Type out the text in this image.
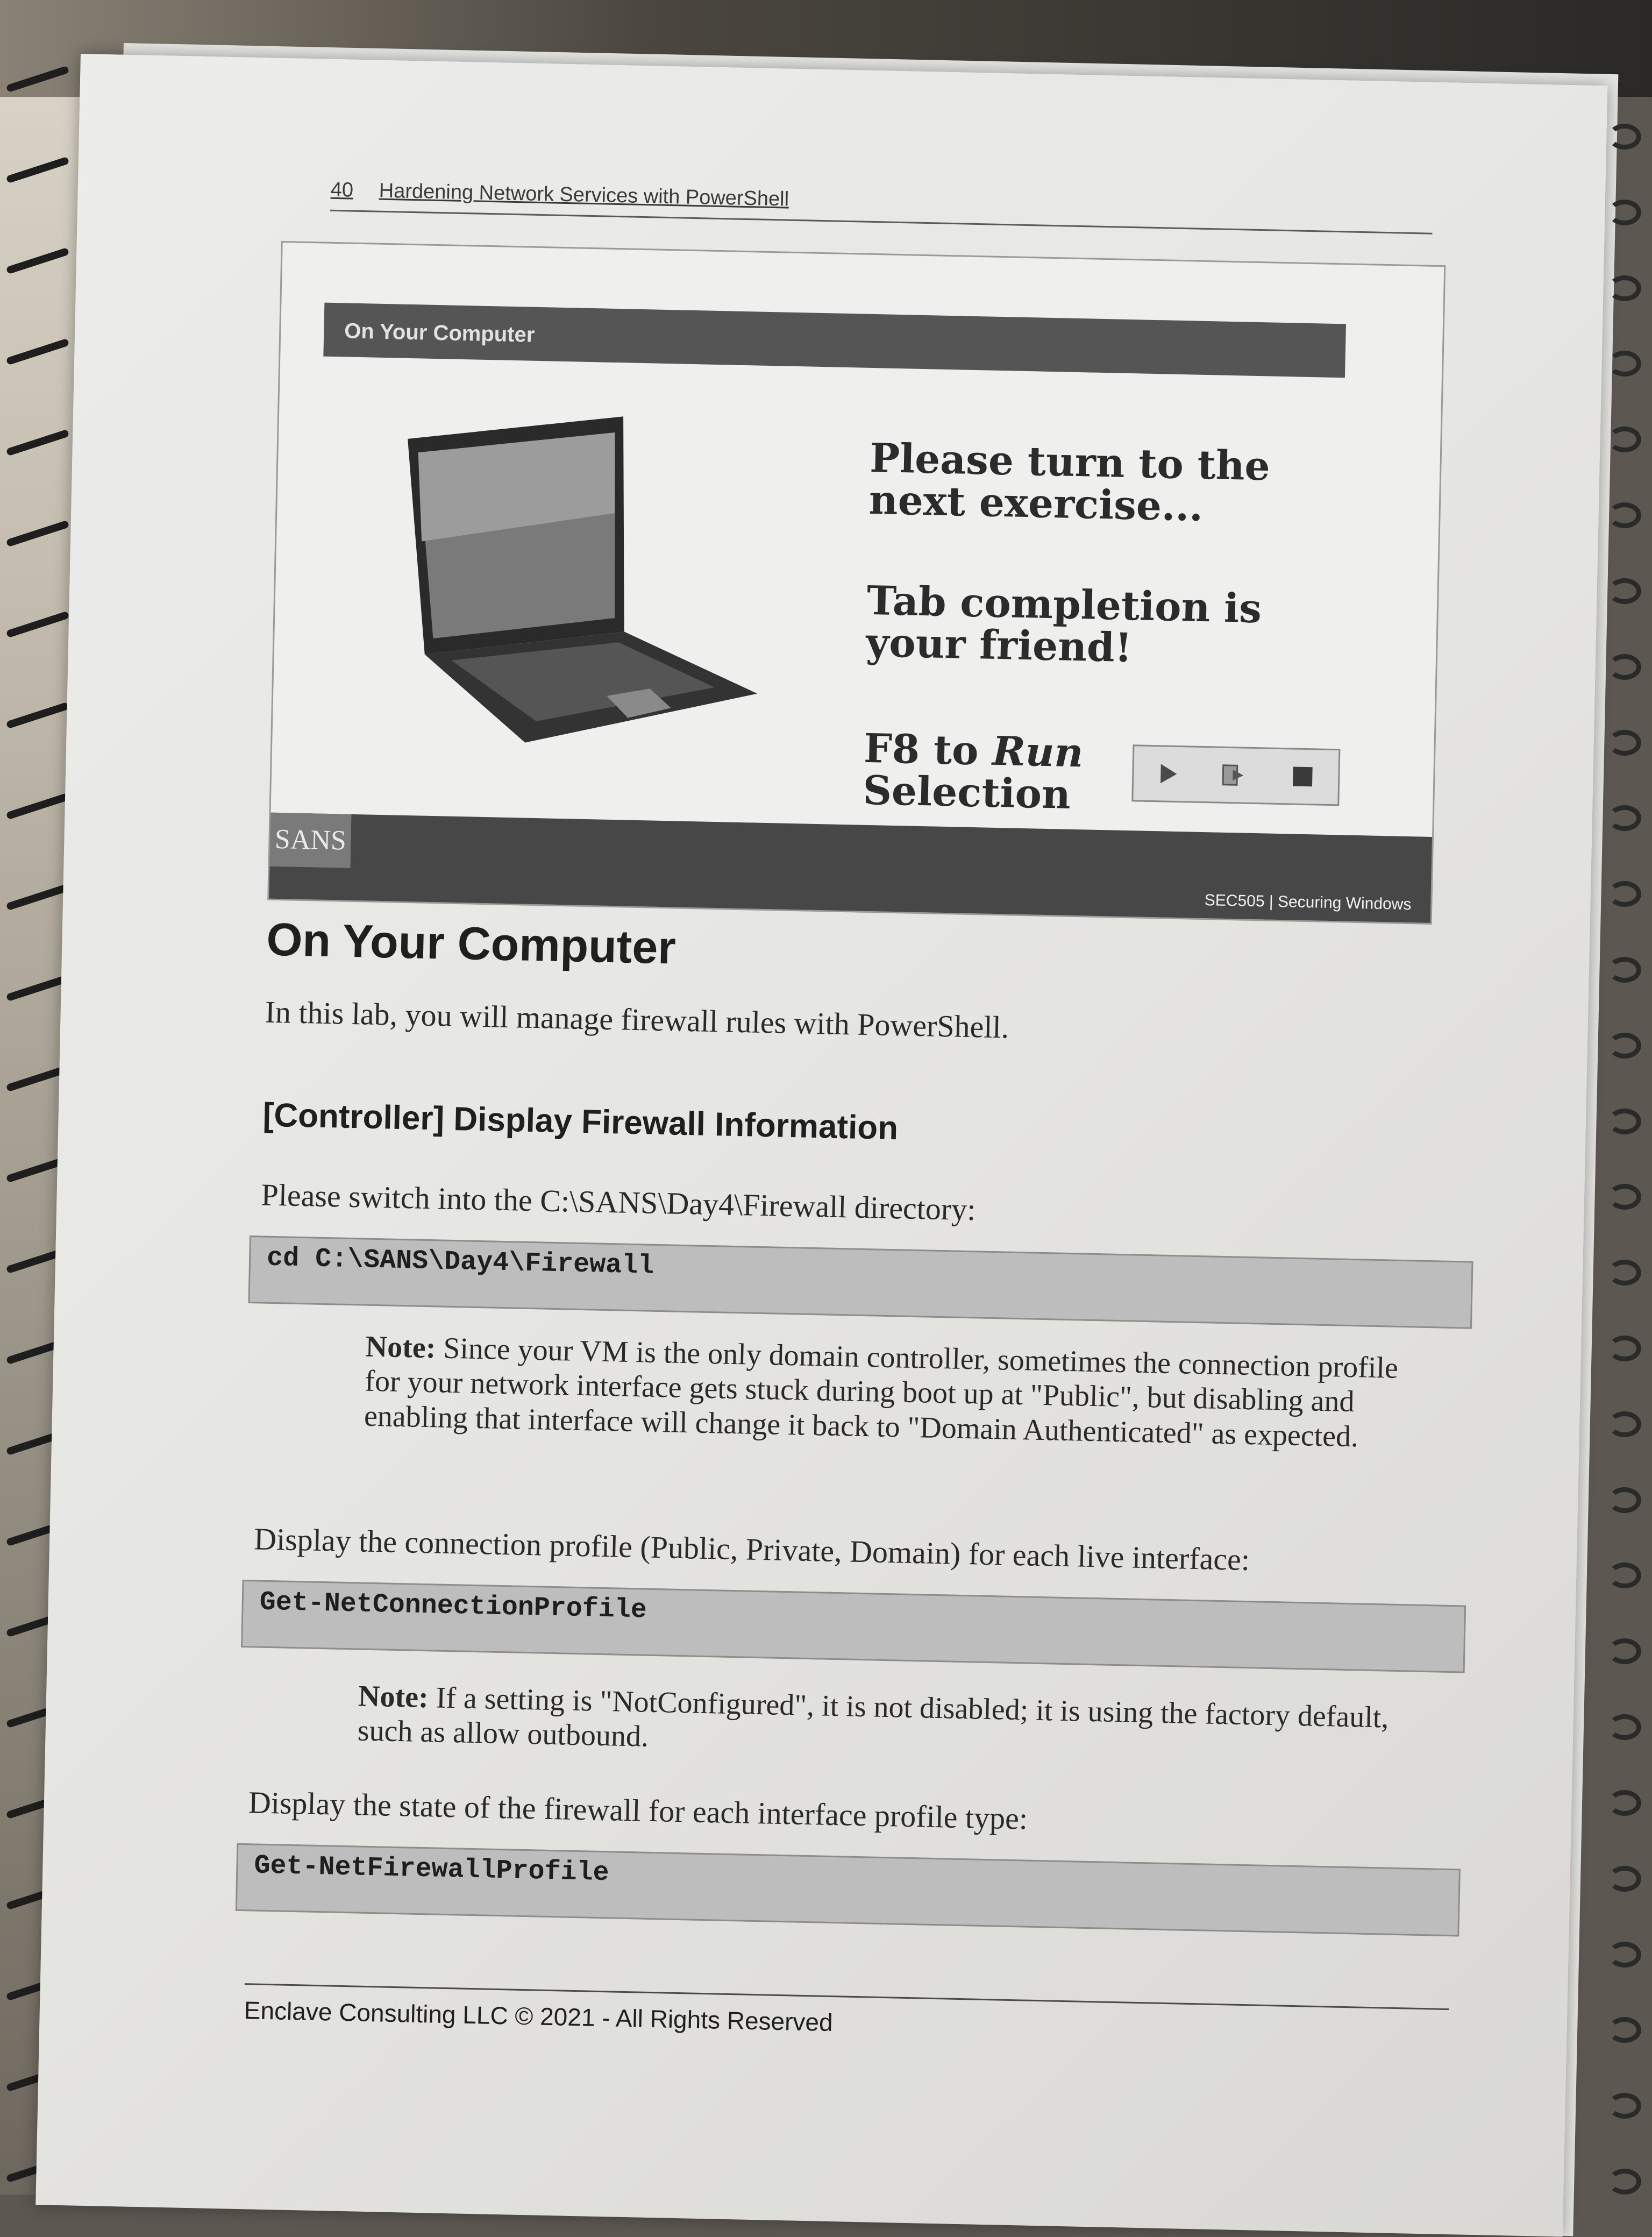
40 Hardening Network Services with PowerShell
On Your Computer
Please turn to the next exercise...
Tab completion is your friend!
F8 to Run
Selection
SANS
SEC505 | Securing Windows
On Your Computer
In this lab, you will manage firewall rules with PowerShell.
[Controller] Display Firewall Information
Please switch into the C:\SANS\Day4\Firewall directory:
cd C:\SANS\Day4\Firewall
Note: Since your VM is the only domain controller, sometimes the connection profile for your network interface gets stuck during boot up at "Public", but disabling and enabling that interface will change it back to "Domain Authenticated" as expected.
Display the connection profile (Public, Private, Domain) for each live interface:
Get-NetConnectionProfile
Note: If a setting is "NotConfigured", it is not disabled; it is using the factory default, such as allow outbound.
Display the state of the firewall for each interface profile type:
Get-NetFirewallProfile
Enclave Consulting LLC © 2021 - All Rights Reserved
